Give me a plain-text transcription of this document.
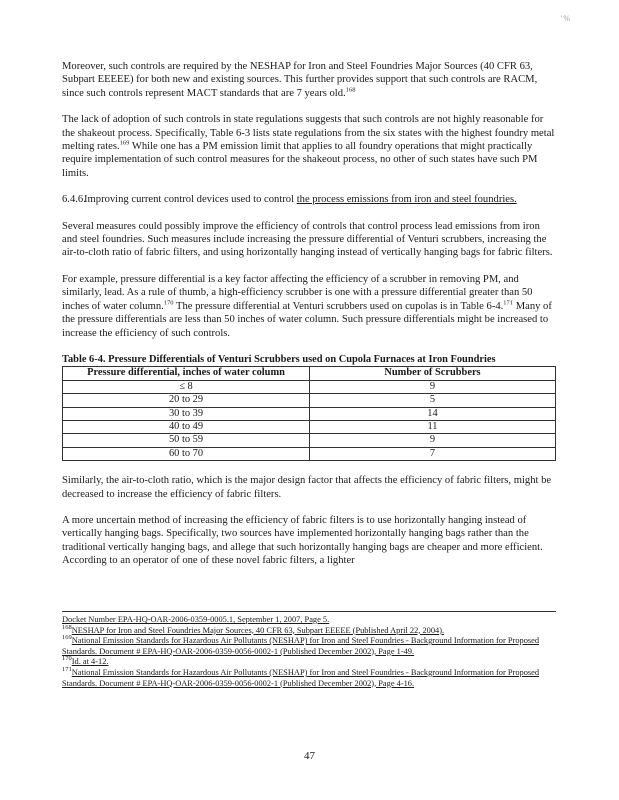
'%

Moreover, such controls are required by the NESHAP for Iron and Steel Foundries Major Sources (40 CFR 63, Subpart EEEEE) for both new and existing sources. This further provides support that such controls are RACM, since such controls represent MACT standards that are 7 years old.$^{168}$

The lack of adoption of such controls in state regulations suggests that such controls are not highly reasonable for the shakeout process. Specifically, Table 6-3 lists state regulations from the six states with the highest foundry metal melting rates.$^{169}$ While one has a PM emission limit that applies to all foundry operations that might practically require implementation of such control measures for the shakeout process, no other of such states have such PM limits.

6.4.6.
Improving current control devices used to control the process emissions from iron and steel foundries.

Several measures could possibly improve the efficiency of controls that control process lead emissions from iron and steel foundries. Such measures include increasing the pressure differential of Venturi scrubbers, increasing the air-to-cloth ratio of fabric filters, and using horizontally hanging instead of vertically hanging bags for fabric filters.

For example, pressure differential is a key factor affecting the efficiency of a scrubber in removing PM, and similarly, lead. As a rule of thumb, a high-efficiency scrubber is one with a pressure differential greater than 50 inches of water column.$^{170}$ The pressure differential at Venturi scrubbers used on cupolas is in Table 6-4.$^{171}$ Many of the pressure differentials are less than 50 inches of water column. Such pressure differentials might be increased to increase the efficiency of such controls.

Table 6-4. Pressure Differentials of Venturi Scrubbers used on Cupola Furnaces at Iron Foundries
Pressure differential, inches of water column	Number of Scrubbers
≤ 8	9
20 to 29	5
30 to 39	14
40 to 49	11
50 to 59	9
60 to 70	7

Similarly, the air-to-cloth ratio, which is the major design factor that affects the efficiency of fabric filters, might be decreased to increase the efficiency of fabric filters.

A more uncertain method of increasing the efficiency of fabric filters is to use horizontally hanging instead of vertically hanging bags. Specifically, two sources have implemented horizontally hanging bags rather than the traditional vertically hanging bags, and allege that such horizontally hanging bags are cheaper and more efficient. According to an operator of one of these novel fabric filters, a lighter

Docket Number EPA-HQ-OAR-2006-0359-0005.1, September 1, 2007, Page 5.

$^{168}$NESHAP for Iron and Steel Foundries Major Sources, 40 CFR 63, Subpart EEEEE (Published April 22, 2004).

$^{169}$National Emission Standards for Hazardous Air Pollutants (NESHAP) for Iron and Steel Foundries - Background Information for Proposed Standards. Document # EPA-HQ-OAR-2006-0359-0056-0002-1 (Published December 2002), Page 1-49.

$^{170}$Id. at 4-12.

$^{171}$National Emission Standards for Hazardous Air Pollutants (NESHAP) for Iron and Steel Foundries - Background Information for Proposed Standards. Document # EPA-HQ-OAR-2006-0359-0056-0002-1 (Published December 2002), Page 4-16.

47
